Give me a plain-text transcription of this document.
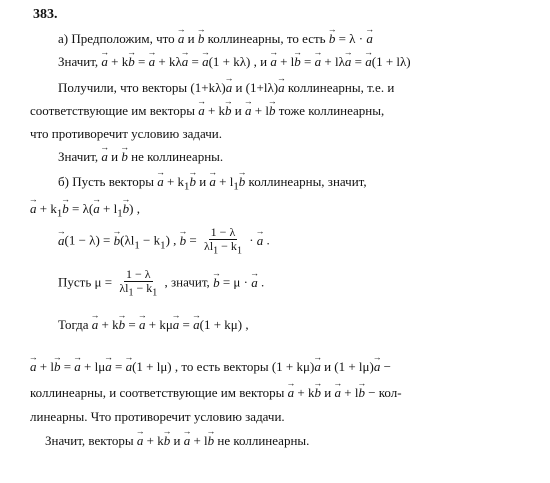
383.
а) Предположим, что → a и → b коллинеарны, то есть → b = λ · → a
Значит, → a + k→ b = → a + kλ→ a = → a(1 + kλ) , и → a + l→ b = → a + lλ→ a = → a(1 + lλ)
Получили, что векторы (1+kλ)→ a и (1+lλ)→ a коллинеарны, т.е. и
соответствующие им векторы → a + k→ b и → a + l→ b тоже коллинеарны,
что противоречит условию задачи.
Значит, → a и → b не коллинеарны.
б) Пусть векторы → $a + k_1\to b$ $и \to a + l_1\to b$ коллинеарны, значит,
→ $a + k_1\to b = \lambda(\to a + l_1\to b)$ ,
→ a(1 − λ) = → $b(\lambda l_1 - k_1)$ , → $b = \frac{1 - \lambda}{\lambda l_1 - k_1}$ · → a .
Пусть $\mu = \frac{1 - \lambda}{\lambda l_1 - k_1}$ , значит, → b = μ · → a .
Тогда → a + k→ b = → a + kμ→ a = → a(1 + kμ) ,
→ a + l→ b = → a + lμ→ a = → a(1 + lμ) , то есть векторы (1 + kμ)→ a и (1 + lμ)→ a −
коллинеарны, и соответствующие им векторы → a + k→ b и → a + l→ b − кол-
линеарны. Что противоречит условию задачи.
Значит, векторы → a + k→ b и → a + l→ b не коллинеарны.
